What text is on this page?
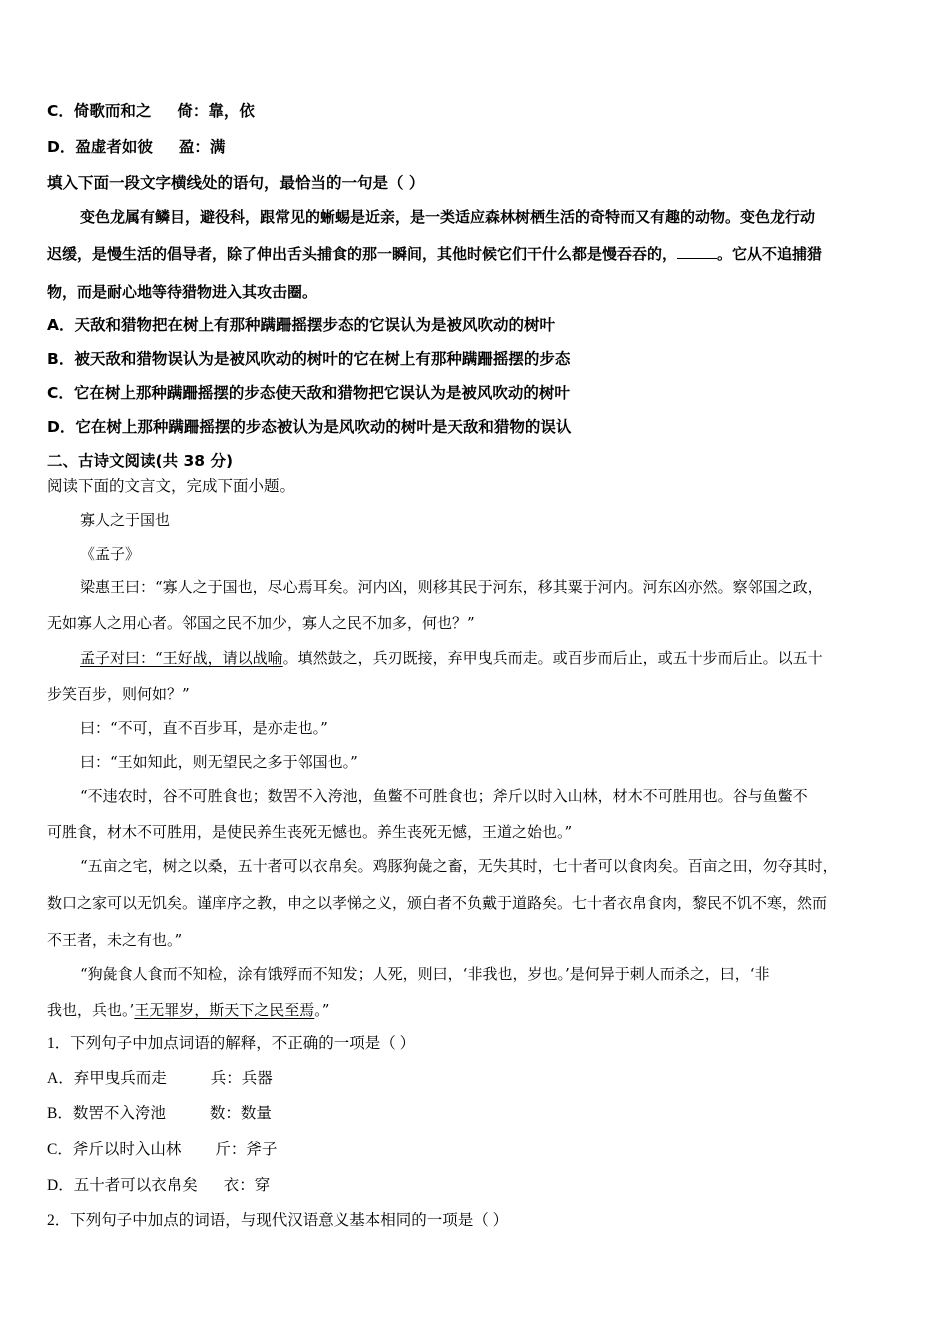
C．倚歌而和之 倚：靠，依
D．盈虚者如彼 盈：满
填入下面一段文字横线处的语句，最恰当的一句是（ ）
变色龙属有鳞目，避役科，跟常见的蜥蜴是近亲，是一类适应森林树栖生活的奇特而又有趣的动物。变色龙行动
迟缓，是慢生活的倡导者，除了伸出舌头捕食的那一瞬间，其他时候它们干什么都是慢吞吞的，	。它从不追捕猎
物，而是耐心地等待猎物进入其攻击圈。
A．天敌和猎物把在树上有那种蹒跚摇摆步态的它误认为是被风吹动的树叶
B．被天敌和猎物误认为是被风吹动的树叶的它在树上有那种蹒跚摇摆的步态
C．它在树上那种蹒跚摇摆的步态使天敌和猎物把它误认为是被风吹动的树叶
D．它在树上那种蹒跚摇摆的步态被认为是风吹动的树叶是天敌和猎物的误认
二、古诗文阅读(共 38 分)
阅读下面的文言文，完成下面小题。
寡人之于国也
《孟子》
梁惠王曰：“寡人之于国也，尽心焉耳矣。河内凶，则移其民于河东，移其粟于河内。河东凶亦然。察邻国之政，
无如寡人之用心者。邻国之民不加少，寡人之民不加多，何也？”
孟子对曰：“王好战，请以战喻。填然鼓之，兵刃既接，弃甲曳兵而走。或百步而后止，或五十步而后止。以五十
步笑百步，则何如？”
曰：“不可，直不百步耳，是亦走也。”
曰：“王如知此，则无望民之多于邻国也。”
“不违农时，谷不可胜食也；数罟不入洿池，鱼鳖不可胜食也；斧斤以时入山林，材木不可胜用也。谷与鱼鳖不
可胜食，材木不可胜用，是使民养生丧死无憾也。养生丧死无憾，王道之始也。”
“五亩之宅，树之以桑，五十者可以衣帛矣。鸡豚狗彘之畜，无失其时，七十者可以食肉矣。百亩之田，勿夺其时，
数口之家可以无饥矣。谨庠序之教，申之以孝悌之义，颁白者不负戴于道路矣。七十者衣帛食肉，黎民不饥不寒，然而
不王者，未之有也。”
“狗彘食人食而不知检，涂有饿殍而不知发；人死，则曰，‘非我也，岁也。’是何异于刺人而杀之，曰，‘非
我也，兵也。’王无罪岁，斯天下之民至焉。”
1．下列句子中加点词语的解释，不正确的一项是（ ）
A．弃甲曳兵而走	兵：兵器
B．数罟不入洿池	数：数量
C．斧斤以时入山林 斤：斧子
D．五十者可以衣帛矣 衣：穿
2．下列句子中加点的词语，与现代汉语意义基本相同的一项是（ ）
